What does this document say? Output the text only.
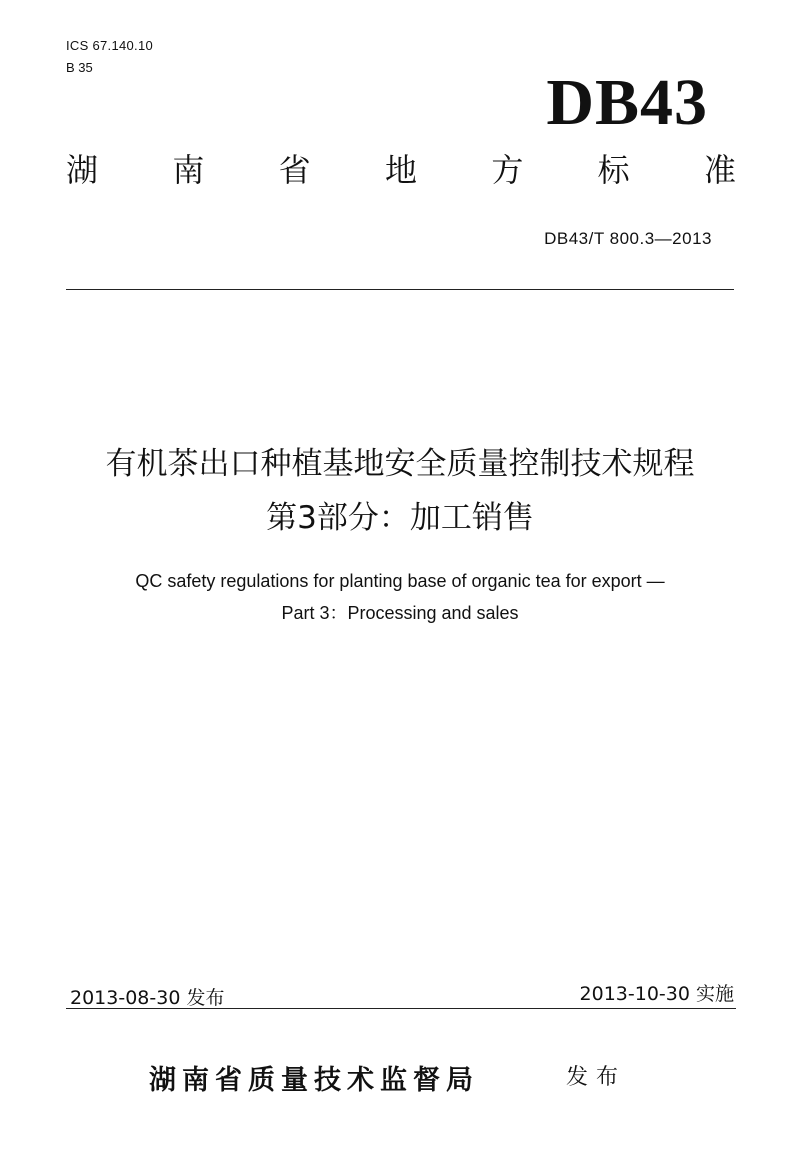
ICS 67.140.10
B 35	DB43
湖 南 省 地 方 标 准
DB43/T 800.3—2013
有机茶出口种植基地安全质量控制技术规程
第3部分：加工销售
QC safety regulations for planting base of organic tea for export —
Part 3：Processing and sales
2013-08-30 发布	2013-10-30 实施
湖南省质量技术监督局	发布
